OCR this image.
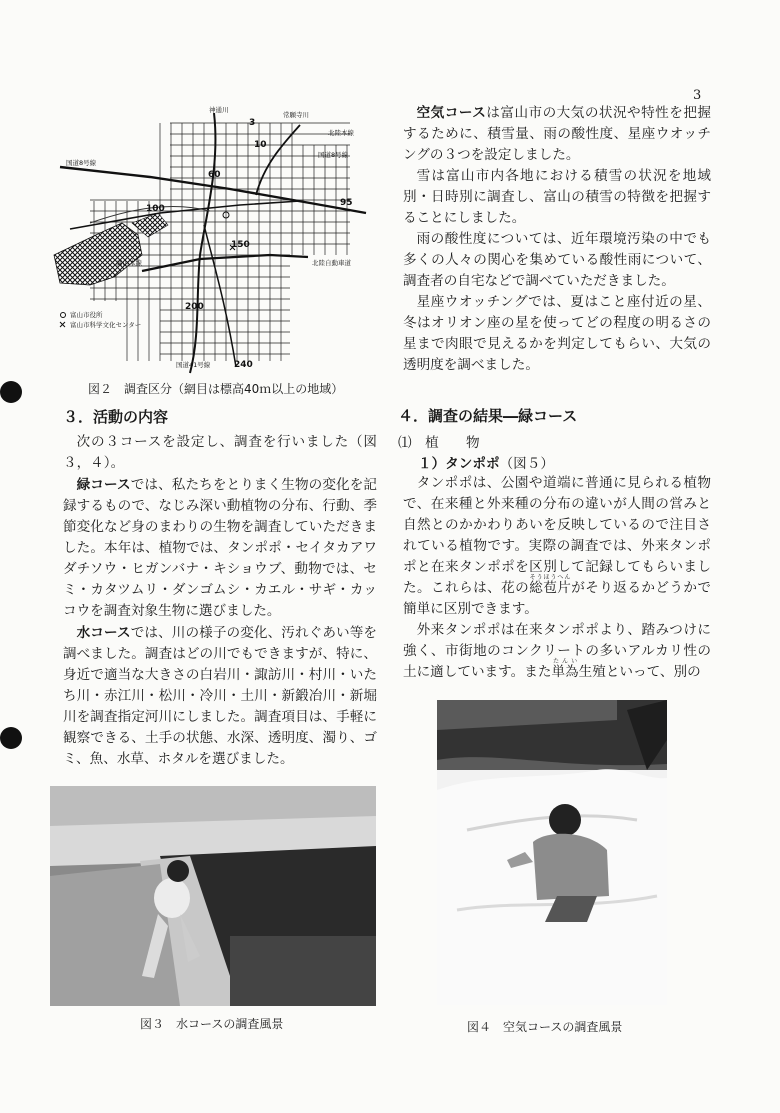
3
神通川
常願寺川
北陸本線
国道8号線
国道8号線
国道41号線
高山本線	北陸自動車道
富山市役所
富山市科学文化センター
3
10
60
100
150
95
200
240
図２　調査区分（網目は標高40ｍ以上の地域）
３．活動の内容

次の３コースを設定し、調査を行いました（図３，４）。

緑コースでは、私たちをとりまく生物の変化を記録するもので、なじみ深い動植物の分布、行動、季節変化など身のまわりの生物を調査していただきました。本年は、植物では、タンポポ・セイタカアワダチソウ・ヒガンバナ・キショウブ、動物では、セミ・カタツムリ・ダンゴムシ・カエル・サギ・カッコウを調査対象生物に選びました。

水コースでは、川の様子の変化、汚れぐあい等を調べました。調査はどの川でもできますが、特に、身近で適当な大きさの白岩川・諏訪川・村川・いたち川・赤江川・松川・冷川・土川・新鍛冶川・新堀川を調査指定河川にしました。調査項目は、手軽に観察できる、土手の状態、水深、透明度、濁り、ゴミ、魚、水草、ホタルを選びました。

空気コースは富山市の大気の状況や特性を把握するために、積雪量、雨の酸性度、星座ウオッチングの３つを設定しました。

雪は富山市内各地における積雪の状況を地域別・日時別に調査し、富山の積雪の特徴を把握することにしました。

雨の酸性度については、近年環境汚染の中でも多くの人々の関心を集めている酸性雨について、調査者の自宅などで調べていただきました。

星座ウオッチングでは、夏はこと座付近の星、冬はオリオン座の星を使ってどの程度の明るさの星まで肉眼で見えるかを判定してもらい、大気の透明度を調べました。

４．調査の結果―緑コース
⑴　植　　物
１）タンポポ（図５）

タンポポは、公園や道端に普通に見られる植物で、在来種と外来種の分布の違いが人間の営みと自然とのかかわりあいを反映しているので注目されている植物です。実際の調査では、外来タンポポと在来タンポポを区別して記録してもらいました。これらは、花の総苞片そうほうへんがそり返るかどうかで簡単に区別できます。

外来タンポポは在来タンポポより、踏みつけに強く、市街地のコンクリートの多いアルカリ性の土に適しています。また単為たんい生殖といって、別の

図３　水コースの調査風景	図４　空気コースの調査風景
